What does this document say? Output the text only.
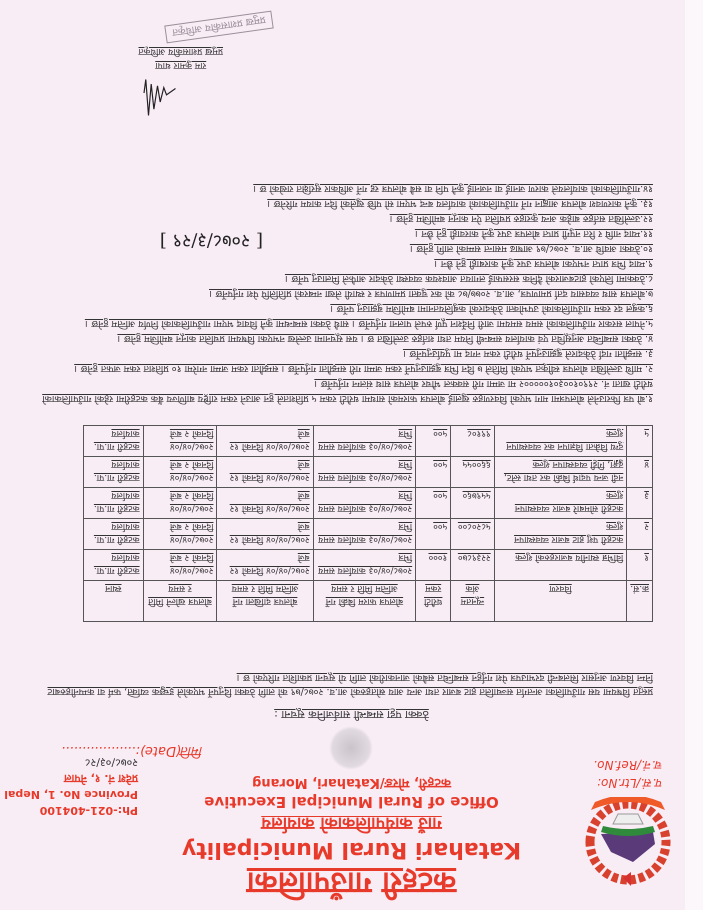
कटहरी गाउँपालिका
Katahari Rural Municipality
गाउँ कार्यपालिकाको कार्यालय
Office of Rural Municipal Executive
कटहरी, मोरङ/Katahari, Morang	प.सं./Ltr.No:
च.नं./Ref.No.
Ph:-021-404100
Province No. 1, Nepal
प्रदेश नं. १, नेपाल
२०७८/०३/२८
मिति(Date):..................
ठेक्का पट्टा सम्बन्धी सार्वजनिक सूचना :
प्रस्तुत विषयमा यस गाउँपालिका अन्तर्गत सञ्चालित हाट बजार तथा अन्य आय स्रोतहरुको आ.व. २०७८/७९ को लागि ठेक्का दिनुपर्ने भएकोले इच्छुक व्यक्ति, फर्म वा कम्पनीहरुबाट निम्न विवरण अनुसार सिलबन्दी दरभाउपत्र पेश गर्नुहुन सम्बन्धित सबैको जानकारीको लागि यो सूचना प्रकाशित गरिएको छ ।
क्र.सं.	विवरण	न्यूनतम अंक	धरौटी रकम	बोलपत्र फारम बिक्री गर्ने अन्तिम मिति र समय	बोलपत्र दाखिला गर्ने अन्तिम मिति र समय	बोलपत्र खोल्ने मिति र समय	स्थान
१	विभिन्न स्थानीय बजारहरुको शुल्क	२२३९८७०	१०००	२०७८/०४/०३ कार्यालय समय भित्र	२०७८/०४/०४ दिनको १२ बजे	२०७८/०४/०४ दिनको २ बजे	कटहरी गा.पा. कार्यालय
२	कटहरी पशु हाट बजार व्यवस्थापन शुल्क	५८२०८००	५००	२०७८/०४/०३ कार्यालय समय भित्र	२०७८/०४/०४ दिनको १२ बजे	२०७८/०४/०४ दिनको २ बजे	कटहरी गा.पा. कार्यालय
३	कटहरी सोमबारे बजार व्यवस्थापन शुल्क	५५९७६०	५००	२०७८/०४/०३ कार्यालय समय भित्र	२०७८/०४/०४ दिनको १२ बजे	२०७८/०४/०४ दिनको २ बजे	कटहरी गा.पा. कार्यालय
४	नदी जन्य पदार्थ बिक्री कर तथा स्लेट, ढुङ्गा, गिट्टी व्यवस्थापन शुल्क	६६००५५	५००	२०७८/०४/०३ कार्यालय समय भित्र	२०७८/०४/०४ दिनको १२ बजे	२०७८/०४/०४ दिनको २ बजे	कटहरी गा.पा. कार्यालय
५	दुग्ध विक्रेता विज्ञापन कर व्यवस्थापन शुल्क	९९१०८	५००	२०७८/०४/०३ कार्यालय समय भित्र	२०७८/०४/०४ दिनको १२ बजे	२०७८/०४/०४ दिनको २ बजे	कटहरी गा.पा. कार्यालय
१.बो पत्र फिराउनेले बोलपत्रमा माग भएको विवरणहरु खुलाई बोलपत्र फारमको साथमा धरौटी रकम ५ प्रतिशतले हुन आउने रकम राष्ट्रिय बाणिज्य बैंक कटहरीमा रहेको गाउँपालिकाको धरौटी खाता नं. २९९०१००३०१०००००२ मा जम्मा गरी सक्कल भौचर बोलपत्र साथ संलग्न गर्नुपर्नेछ ।
२. माथि उल्लेखित बोलपत्र स्वीकृत भएको मितिले ७ दिन भित्र बुझाउनुपर्ने रकम जम्मा गरी सम्झौता गर्नुपर्नेछ । सम्झौता रकम जम्मा नगरेमा १० प्रतिशत रकम जफत हुनेछ ।
३. सम्झौता गर्दा ठेकेदारले बुझाउनुपर्ने धरौटी रकम नगद मा पुर्याउनुपर्नेछ ।
४. ठेक्का सम्बन्धित अनुसूचित एवं कार्यालय सम्बन्धी नियम तथा शर्तहरु उल्लेखित छ । यस सूचनामा उल्लेख नभएका विषयमा प्रचलित कानून बमोजिम हुनेछ ।
५.नेपाल सरकार गाउँपालिकाको समय समयमा जारी निर्देशन पूर्ण रुपले पालना गर्नुपर्नेछ । साथै ठेक्का सम्बन्धमा कुनै विवाद भएमा गाउँपालिकाको निर्णय अन्तिम हुनेछ ।
६.कबुल दर रकम गाउँपालिकाको उपभोक्ता ठेकेदारको कबुलियतनामा बमोजिम बुझाउनु पर्नेछ ।
७.बोलपत्र साथ व्यवसाय दर्ता प्रमाणपत्र, आ.व. २०७७/७८ को कर चुक्ता प्रमाणपत्र र स्थायी लेखा नम्बरको प्रतिलिपि पेश गर्नुपर्नेछ ।
८.ठेक्कामा लिएको हाटबजारको दैनिक सरसफाई लगायत आवश्यक व्यवस्था ठेकेदार आफैले मिलाउनु पर्नेछ ।
९.म्याद भित्र प्राप्त नभएका बोलपत्र उपर कुनै कारबाही हुने छैन ।
१०.ठेक्का अवधि आ.व. २०७८/७९ आषाढ मसान्त सम्मको लागि हुनेछ ।
११.म्याद नाघि र रित नपुगी प्राप्त बोलपत्र उपर कुनै कारवाही हुने छैन ।
१२.उल्लेखित सर्तहरु बाहेक अन्य कुराहरु प्रचलित ऐन कानून बमोजिम हुनेछ ।
१३. कुनै कारणवश बोलपत्र आह्वान गर्ने गाउँपालिकाको कार्यालय बन्द भएमा सो पछि खुलेको दिन कायम गरिनेछ ।
१४.गाउँपालिकाको कार्यालयले कारण जनाई वा नजनाई कुनै पनि वा सबै बोलपत्र रद्द गर्ने अधिकार सुरक्षित राखेको छ ।
[ २०७८/३/२९ ]
राम कुमार थापा
प्रमुख प्रशासकीय अधिकृत
प्रमुख प्रशासकीय अधिकृत
